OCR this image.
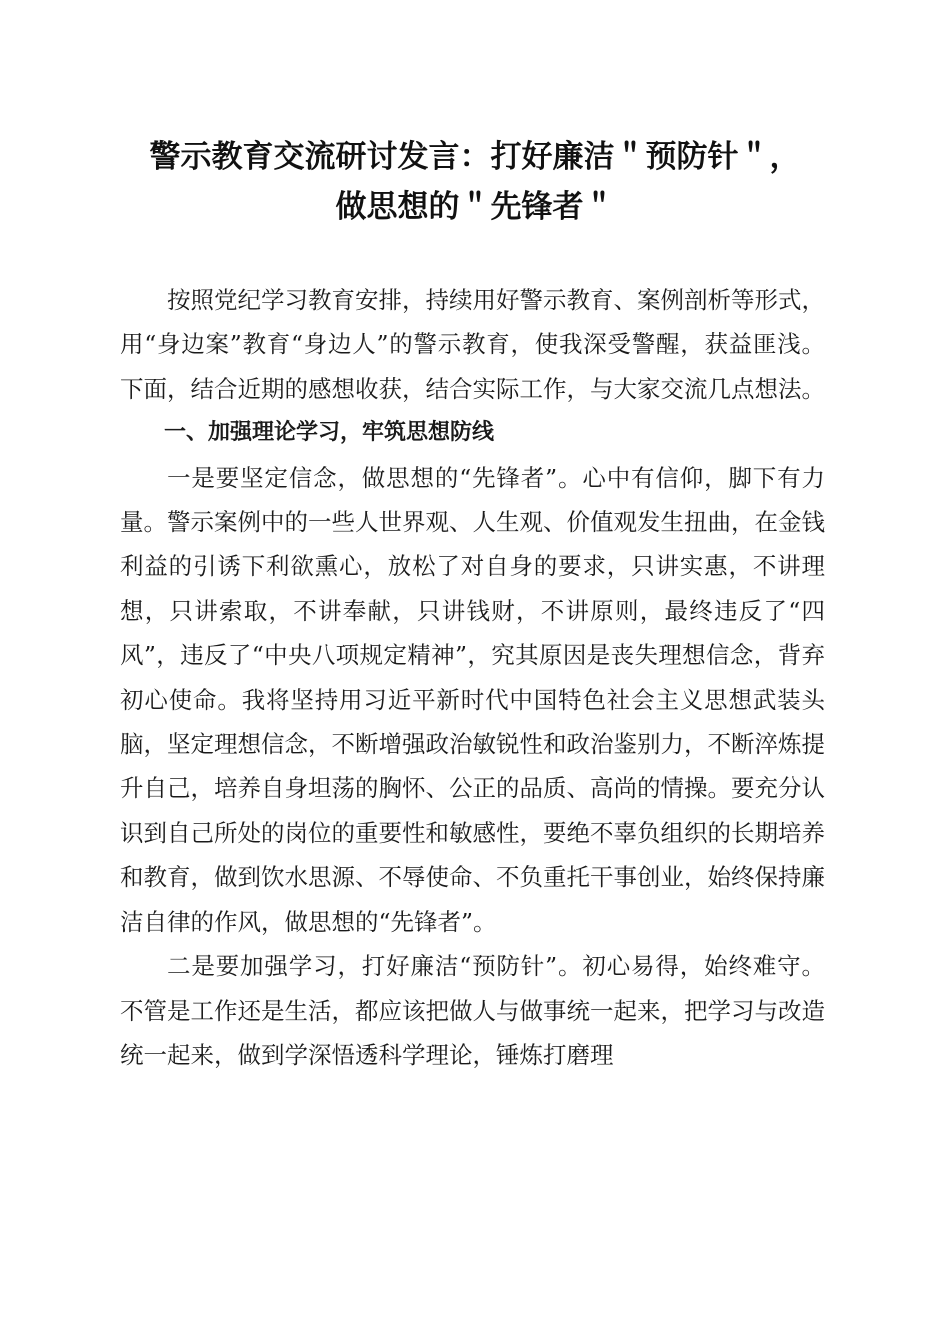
警示教育交流研讨发言：打好廉洁＂预防针＂，
做思想的＂先锋者＂

按照党纪学习教育安排，持续用好警示教育、案例剖析等形式，用“身边案”教育“身边人”的警示教育，使我深受警醒，获益匪浅。下面，结合近期的感想收获，结合实际工作，与大家交流几点想法。

一、加强理论学习，牢筑思想防线

一是要坚定信念，做思想的“先锋者”。心中有信仰，脚下有力量。警示案例中的一些人世界观、人生观、价值观发生扭曲，在金钱利益的引诱下利欲熏心，放松了对自身的要求，只讲实惠，不讲理想，只讲索取，不讲奉献，只讲钱财，不讲原则，最终违反了“四风”，违反了“中央八项规定精神”，究其原因是丧失理想信念，背弃初心使命。我将坚持用习近平新时代中国特色社会主义思想武装头脑，坚定理想信念，不断增强政治敏锐性和政治鉴别力，不断淬炼提升自己，培养自身坦荡的胸怀、公正的品质、高尚的情操。要充分认识到自己所处的岗位的重要性和敏感性，要绝不辜负组织的长期培养和教育，做到饮水思源、不辱使命、不负重托干事创业，始终保持廉洁自律的作风，做思想的“先锋者”。

二是要加强学习，打好廉洁“预防针”。初心易得，始终难守。不管是工作还是生活，都应该把做人与做事统一起来，把学习与改造统一起来，做到学深悟透科学理论，锤炼打磨理
